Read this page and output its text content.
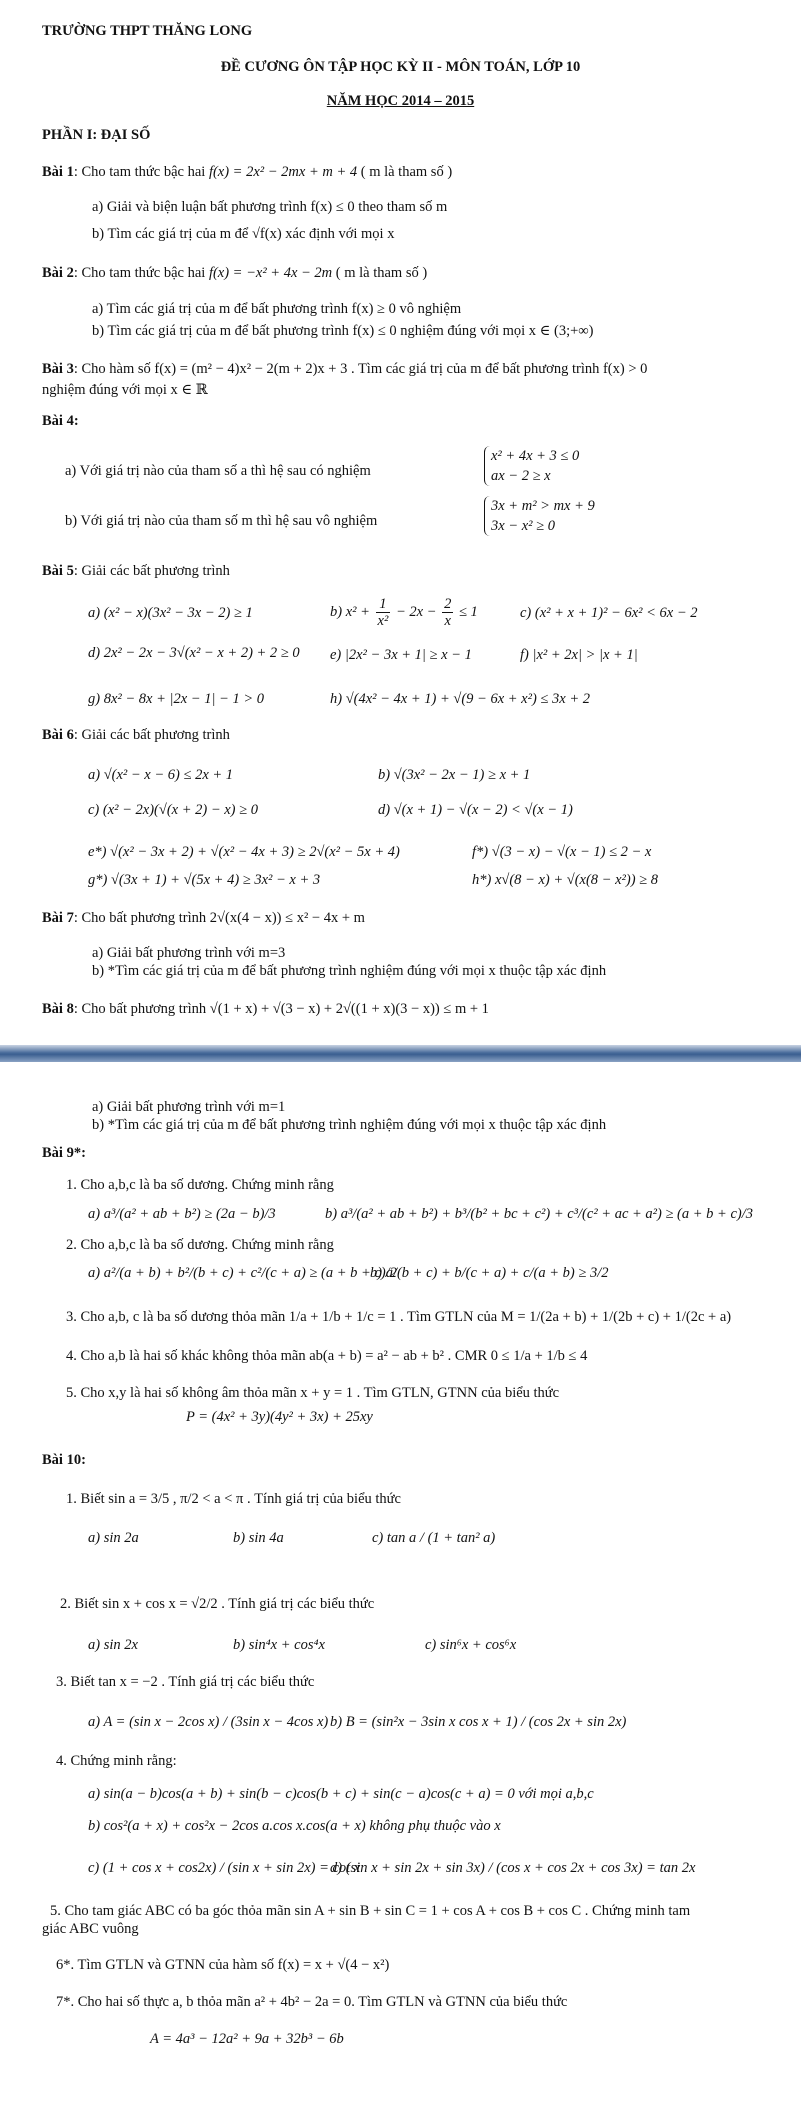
TRƯỜNG THPT THĂNG LONG
ĐỀ CƯƠNG ÔN TẬP HỌC KỲ II - MÔN TOÁN, LỚP 10
NĂM HỌC 2014 – 2015
PHẦN I: ĐẠI SỐ
Bài 1: Cho tam thức bậc hai f(x) = 2x² − 2mx + m + 4 ( m là tham số )
a) Giải và biện luận bất phương trình f(x) ≤ 0 theo tham số m
b) Tìm các giá trị của m để √f(x) xác định với mọi x
Bài 2: Cho tam thức bậc hai f(x) = −x² + 4x − 2m ( m là tham số )
a) Tìm các giá trị của m để bất phương trình f(x) ≥ 0 vô nghiệm
b) Tìm các giá trị của m để bất phương trình f(x) ≤ 0 nghiệm đúng với mọi x ∈ (3;+∞)
Bài 3: Cho hàm số f(x) = (m² − 4)x² − 2(m + 2)x + 3 . Tìm các giá trị của m để bất phương trình f(x) > 0
nghiệm đúng với mọi x ∈ ℝ
Bài 4:
a) Với giá trị nào của tham số a thì hệ sau có nghiệm
x² + 4x + 3 ≤ 0
ax − 2 ≥ x
b) Với giá trị nào của tham số m thì hệ sau vô nghiệm
3x + m² > mx + 9
3x − x² ≥ 0
Bài 5: Giải các bất phương trình
a) (x² − x)(3x² − 3x − 2) ≥ 1	b) $x^2 + \frac{1}{\text{x²}} - 2x - \frac{2}{x} \le 1$	c) (x² + x + 1)² − 6x² < 6x − 2
d) 2x² − 2x − 3√(x² − x + 2) + 2 ≥ 0 e) |2x² − 3x + 1| ≥ x − 1	f) |x² + 2x| > |x + 1|
g) 8x² − 8x + |2x − 1| − 1 > 0	h) √(4x² − 4x + 1) + √(9 − 6x + x²) ≤ 3x + 2
Bài 6: Giải các bất phương trình
a) √(x² − x − 6) ≤ 2x + 1	b) √(3x² − 2x − 1) ≥ x + 1
c) (x² − 2x)(√(x + 2) − x) ≥ 0	d) √(x + 1) − √(x − 2) < √(x − 1)
e*) √(x² − 3x + 2) + √(x² − 4x + 3) ≥ 2√(x² − 5x + 4)	f*) √(3 − x) − √(x − 1) ≤ 2 − x
g*) √(3x + 1) + √(5x + 4) ≥ 3x² − x + 3	h*) x√(8 − x) + √(x(8 − x²)) ≥ 8
Bài 7: Cho bất phương trình 2√(x(4 − x)) ≤ x² − 4x + m
a) Giải bất phương trình với m=3
b) *Tìm các giá trị của m để bất phương trình nghiệm đúng với mọi x thuộc tập xác định
Bài 8: Cho bất phương trình √(1 + x) + √(3 − x) + 2√((1 + x)(3 − x)) ≤ m + 1
a) Giải bất phương trình với m=1
b) *Tìm các giá trị của m để bất phương trình nghiệm đúng với mọi x thuộc tập xác định
Bài 9*:
1. Cho a,b,c là ba số dương. Chứng minh rằng
a) a³/(a² + ab + b²) ≥ (2a − b)/3	b) a³/(a² + ab + b²) + b³/(b² + bc + c²) + c³/(c² + ac + a²) ≥ (a + b + c)/3
2. Cho a,b,c là ba số dương. Chứng minh rằng
a) a²/(a + b) + b²/(b + c) + c²/(c + a) ≥ (a + b + c)/2
b) a/(b + c) + b/(c + a) + c/(a + b) ≥ 3/2
3. Cho a,b, c là ba số dương thỏa mãn 1/a + 1/b + 1/c = 1 . Tìm GTLN của M = 1/(2a + b) + 1/(2b + c) + 1/(2c + a)
4. Cho a,b là hai số khác không thỏa mãn ab(a + b) = a² − ab + b² . CMR 0 ≤ 1/a + 1/b ≤ 4
5. Cho x,y là hai số không âm thỏa mãn x + y = 1 . Tìm GTLN, GTNN của biểu thức
P = (4x² + 3y)(4y² + 3x) + 25xy
Bài 10:
1. Biết sin a = 3/5 , π/2 < a < π . Tính giá trị của biểu thức
a) sin 2a	b) sin 4a	c) tan a / (1 + tan² a)
2. Biết sin x + cos x = √2/2 . Tính giá trị các biểu thức
a) sin 2x	b) sin⁴x + cos⁴x	c) sin⁶x + cos⁶x
3. Biết tan x = −2 . Tính giá trị các biểu thức
a) A = (sin x − 2cos x) / (3sin x − 4cos x) b) B = (sin²x − 3sin x cos x + 1) / (cos 2x + sin 2x)
4. Chứng minh rằng:
a) sin(a − b)cos(a + b) + sin(b − c)cos(b + c) + sin(c − a)cos(c + a) = 0 với mọi a,b,c
b) cos²(a + x) + cos²x − 2cos a.cos x.cos(a + x) không phụ thuộc vào x
c) (1 + cos x + cos2x) / (sin x + sin 2x) = cot x
d) (sin x + sin 2x + sin 3x) / (cos x + cos 2x + cos 3x) = tan 2x
5. Cho tam giác ABC có ba góc thỏa mãn sin A + sin B + sin C = 1 + cos A + cos B + cos C . Chứng minh tam
giác ABC vuông
6*. Tìm GTLN và GTNN của hàm số f(x) = x + √(4 − x²)
7*. Cho hai số thực a, b thỏa mãn a² + 4b² − 2a = 0. Tìm GTLN và GTNN của biểu thức
A = 4a³ − 12a² + 9a + 32b³ − 6b
